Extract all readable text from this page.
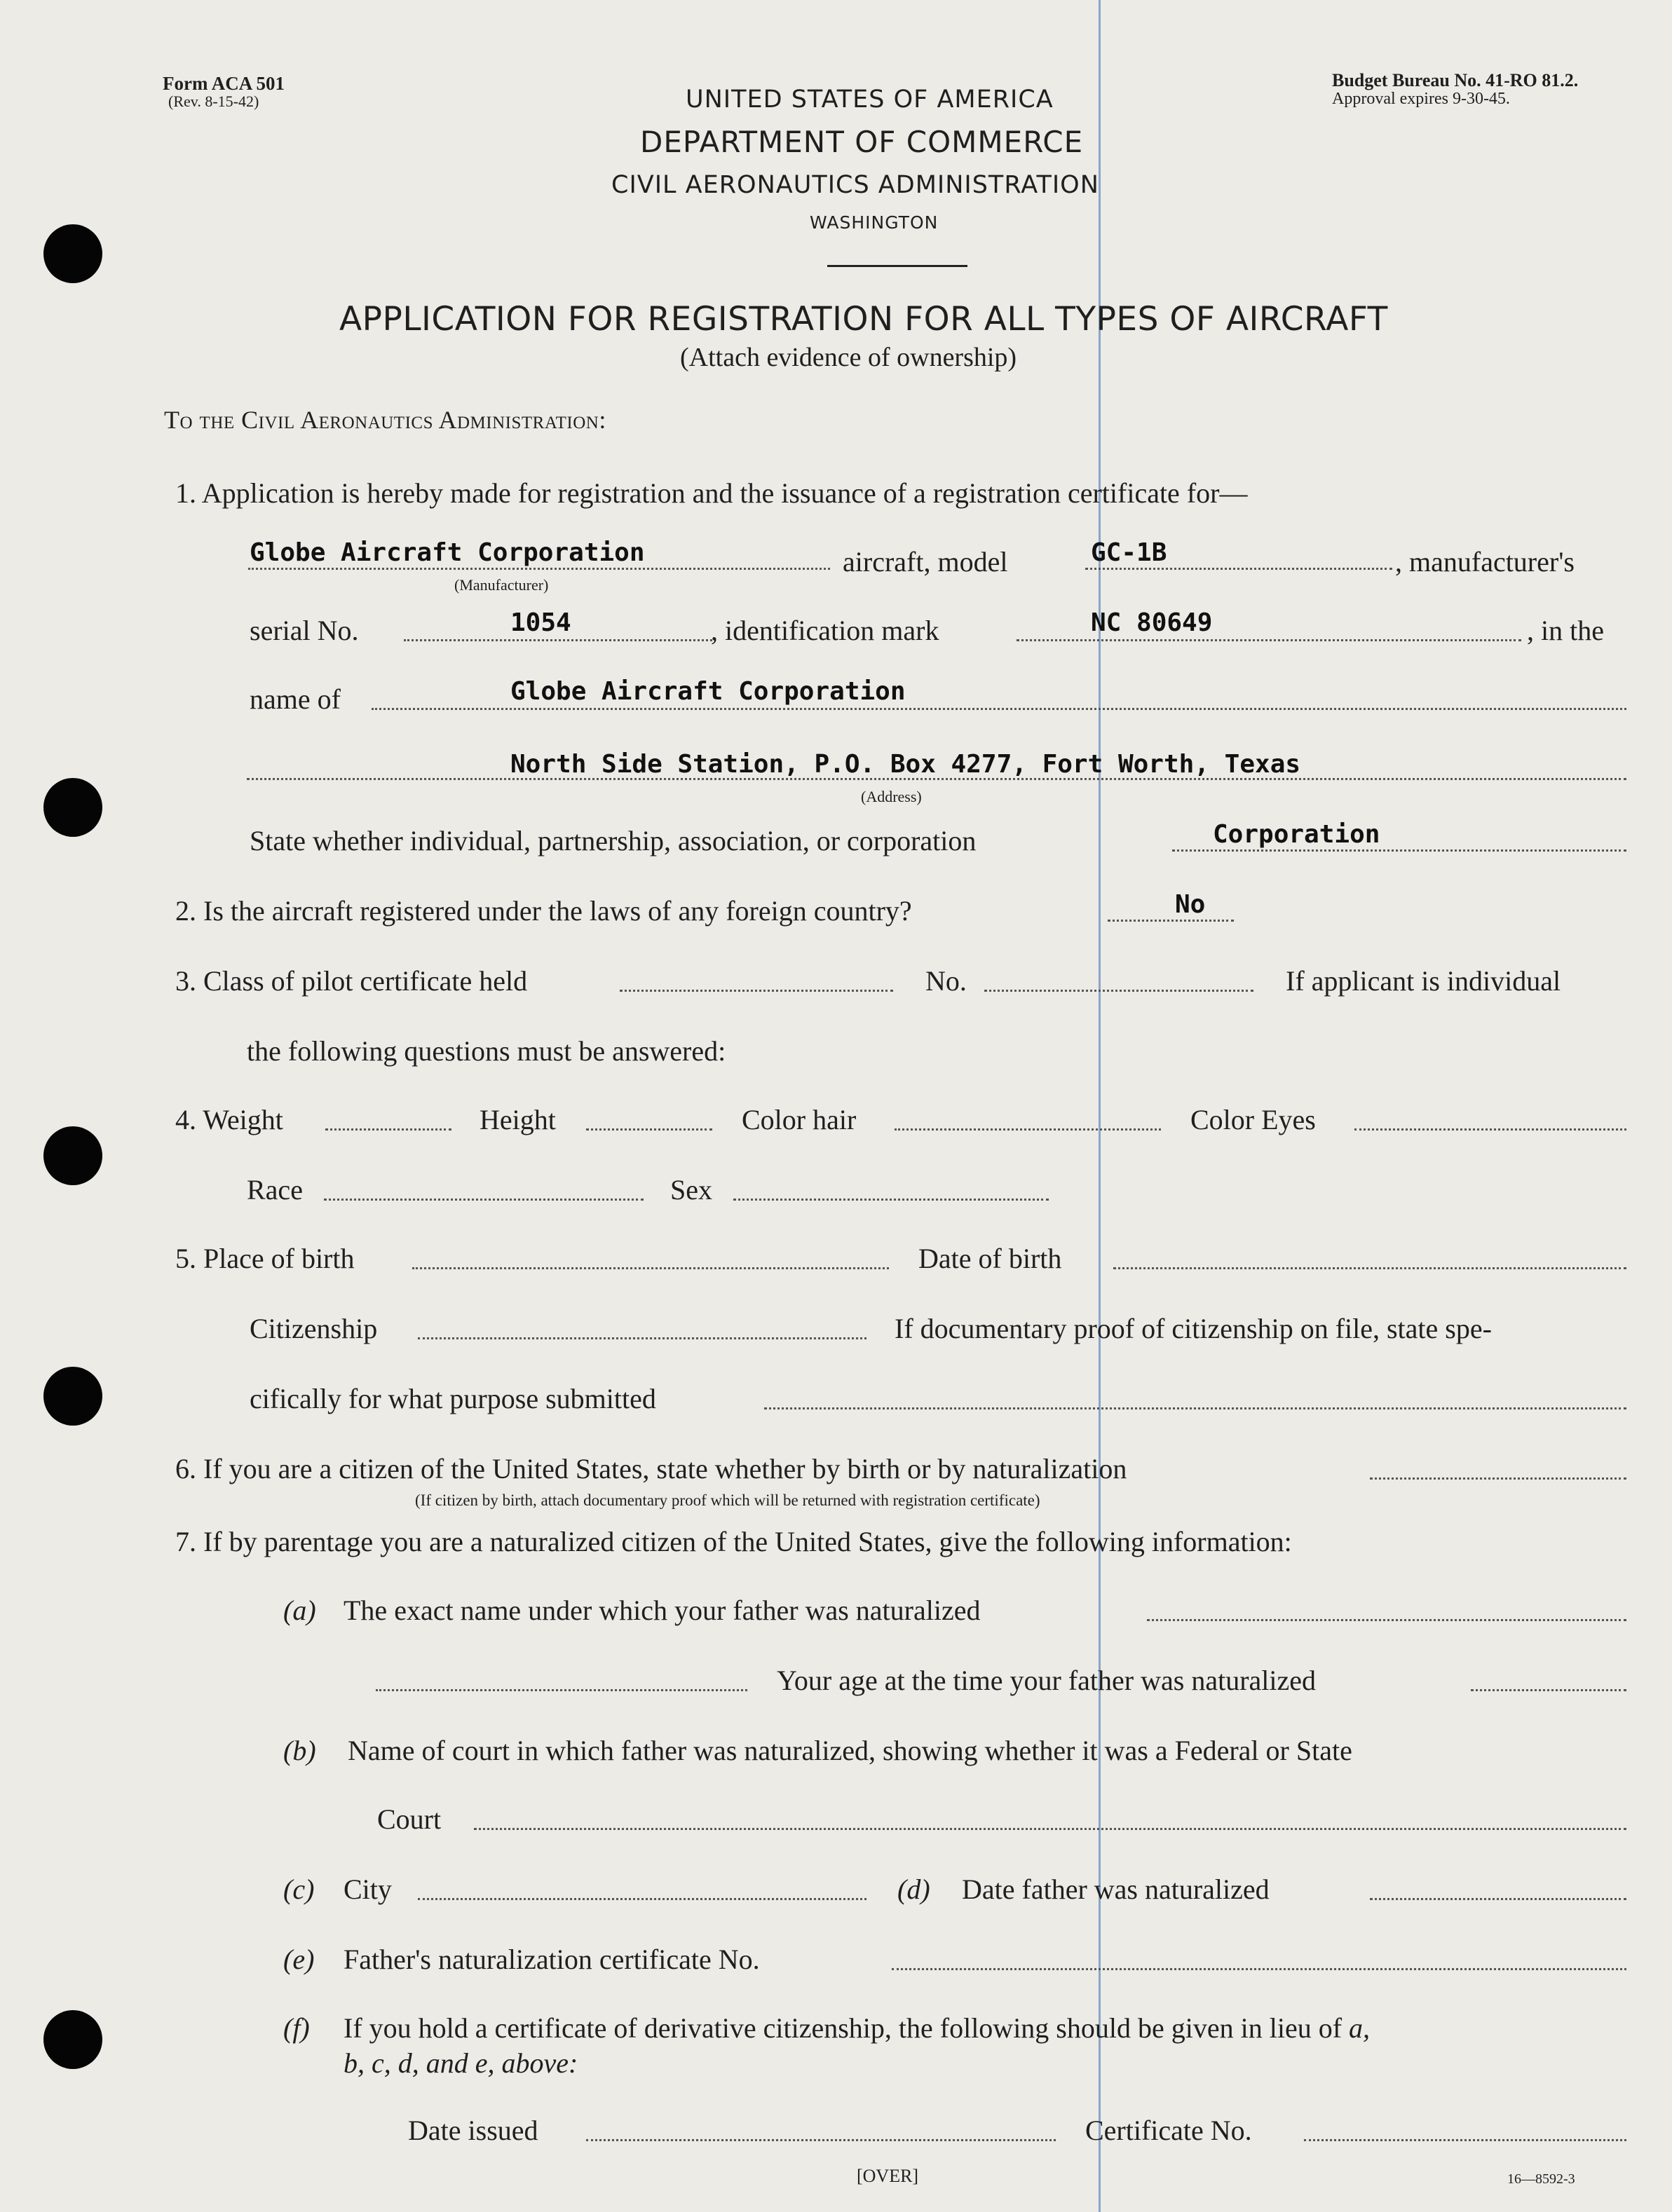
Form ACA 501
(Rev. 8-15-42)
Budget Bureau No. 41-RO 81.2.
Approval expires 9-30-45.
UNITED STATES OF AMERICA
DEPARTMENT OF COMMERCE
CIVIL AERONAUTICS ADMINISTRATION
WASHINGTON
APPLICATION FOR REGISTRATION FOR ALL TYPES OF AIRCRAFT
(Attach evidence of ownership)
To the Civil Aeronautics Administration:
1. Application is hereby made for registration and the issuance of a registration certificate for—
Globe Aircraft Corporation
(Manufacturer)
aircraft, model	GC-1B	, manufacturer's
serial No.	1054	, identification mark	NC 80649	, in the
name of	Globe Aircraft Corporation
North Side Station, P.O. Box 4277, Fort Worth, Texas
(Address)
State whether individual, partnership, association, or corporation	Corporation
2. Is the aircraft registered under the laws of any foreign country?	No
3. Class of pilot certificate held	No.	If applicant is individual
the following questions must be answered:
4. Weight	Height	Color hair	Color Eyes
Race	Sex
5. Place of birth	Date of birth
Citizenship	If documentary proof of citizenship on file, state spe-
cifically for what purpose submitted
6. If you are a citizen of the United States, state whether by birth or by naturalization
(If citizen by birth, attach documentary proof which will be returned with registration certificate)
7. If by parentage you are a naturalized citizen of the United States, give the following information:
(a) The exact name under which your father was naturalized
Your age at the time your father was naturalized
(b) Name of court in which father was naturalized, showing whether it was a Federal or State
Court
(c) City	(d) Date father was naturalized
(e) Father's naturalization certificate No.
(f) If you hold a certificate of derivative citizenship, the following should be given in lieu of a,
b, c, d, and e, above:
Date issued	Certificate No.
[OVER]	16—8592-3
